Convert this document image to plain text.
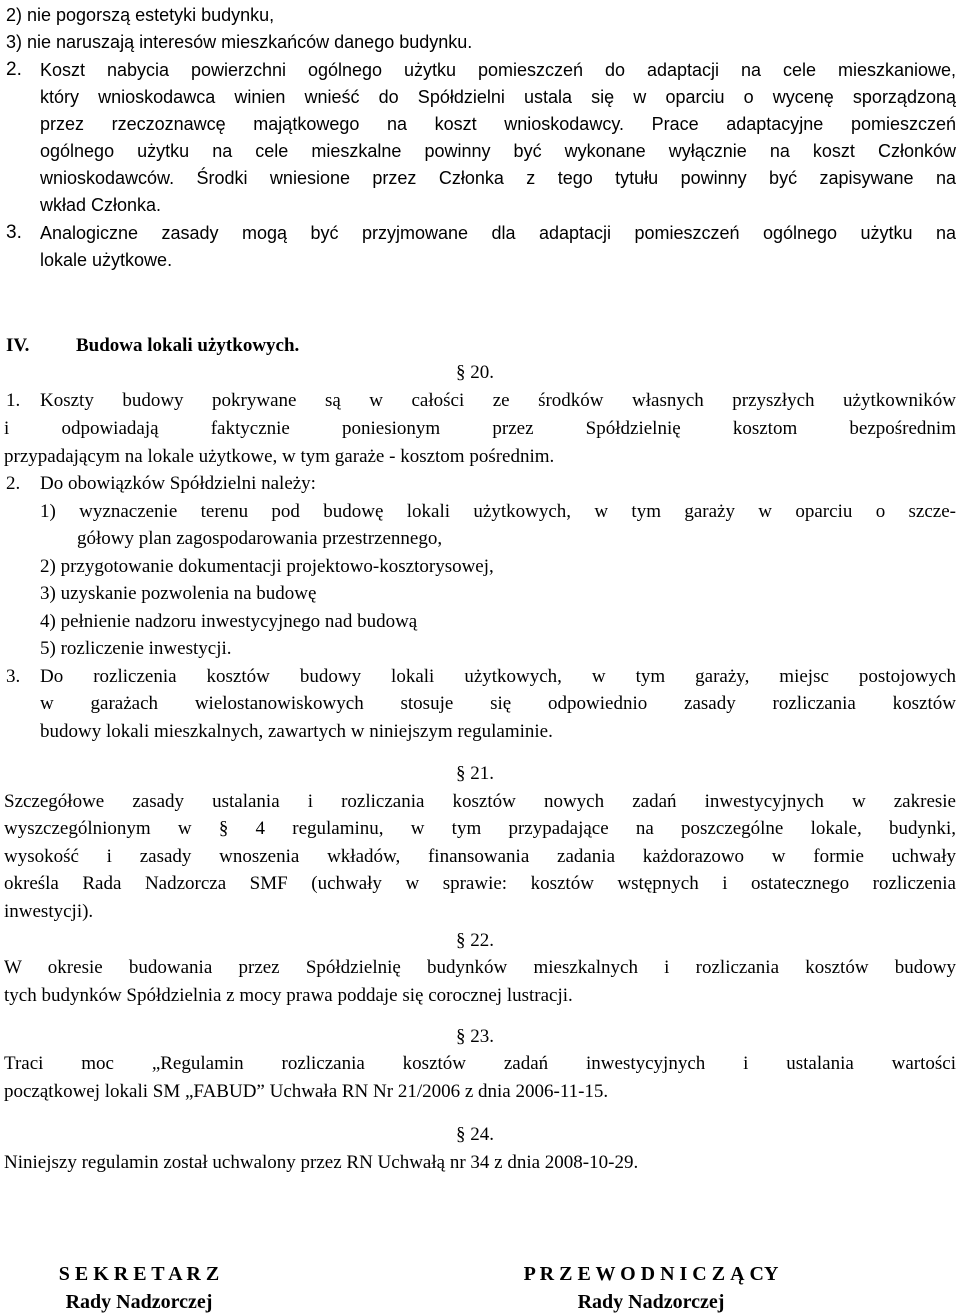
2) nie pogorszą estetyki budynku,
3) nie naruszają interesów mieszkańców danego budynku.
2. Koszt nabycia powierzchni ogólnego użytku pomieszczeń do adaptacji na cele mieszkaniowe,
który wnioskodawca winien wnieść do Spółdzielni ustala się w oparciu o wycenę sporządzoną
przez rzeczoznawcę majątkowego na koszt wnioskodawcy. Prace adaptacyjne pomieszczeń
ogólnego użytku na cele mieszkalne powinny być wykonane wyłącznie na koszt Członków
wnioskodawców. Środki wniesione przez Członka z tego tytułu powinny być zapisywane na
wkład Członka.
3. Analogiczne zasady mogą być przyjmowane dla adaptacji pomieszczeń ogólnego użytku na
lokale użytkowe.
IV. Budowa lokali użytkowych.
§ 20.
1. Koszty budowy pokrywane są w całości ze środków własnych przyszłych użytkowników
i odpowiadają faktycznie poniesionym przez Spółdzielnię kosztom bezpośrednim
przypadającym na lokale użytkowe, w tym garaże - kosztom pośrednim.
2. Do obowiązków Spółdzielni należy:
1) wyznaczenie terenu pod budowę lokali użytkowych, w tym garaży w oparciu o szcze-
gółowy plan zagospodarowania przestrzennego,
2) przygotowanie dokumentacji projektowo-kosztorysowej,
3) uzyskanie pozwolenia na budowę
4) pełnienie nadzoru inwestycyjnego nad budową
5) rozliczenie inwestycji.
3. Do rozliczenia kosztów budowy lokali użytkowych, w tym garaży, miejsc postojowych
w garażach wielostanowiskowych stosuje się odpowiednio zasady rozliczania kosztów
budowy lokali mieszkalnych, zawartych w niniejszym regulaminie.
§ 21.
Szczegółowe zasady ustalania i rozliczania kosztów nowych zadań inwestycyjnych w zakresie
wyszczególnionym w § 4 regulaminu, w tym przypadające na poszczególne lokale, budynki,
wysokość i zasady wnoszenia wkładów, finansowania zadania każdorazowo w formie uchwały
określa Rada Nadzorcza SMF (uchwały w sprawie: kosztów wstępnych i ostatecznego rozliczenia
inwestycji).
§ 22.
W okresie budowania przez Spółdzielnię budynków mieszkalnych i rozliczania kosztów budowy
tych budynków Spółdzielnia z mocy prawa poddaje się corocznej lustracji.
§ 23.
Traci moc „Regulamin rozliczania kosztów zadań inwestycyjnych i ustalania wartości
początkowej lokali SM „FABUD” Uchwała RN Nr 21/2006 z dnia 2006-11-15.
§ 24.
Niniejszy regulamin został uchwalony przez RN Uchwałą nr 34 z dnia 2008-10-29.
S E K R E T A R Z
Rady Nadzorczej
P R Z E W O D N I C Z Ą CY
Rady Nadzorczej
